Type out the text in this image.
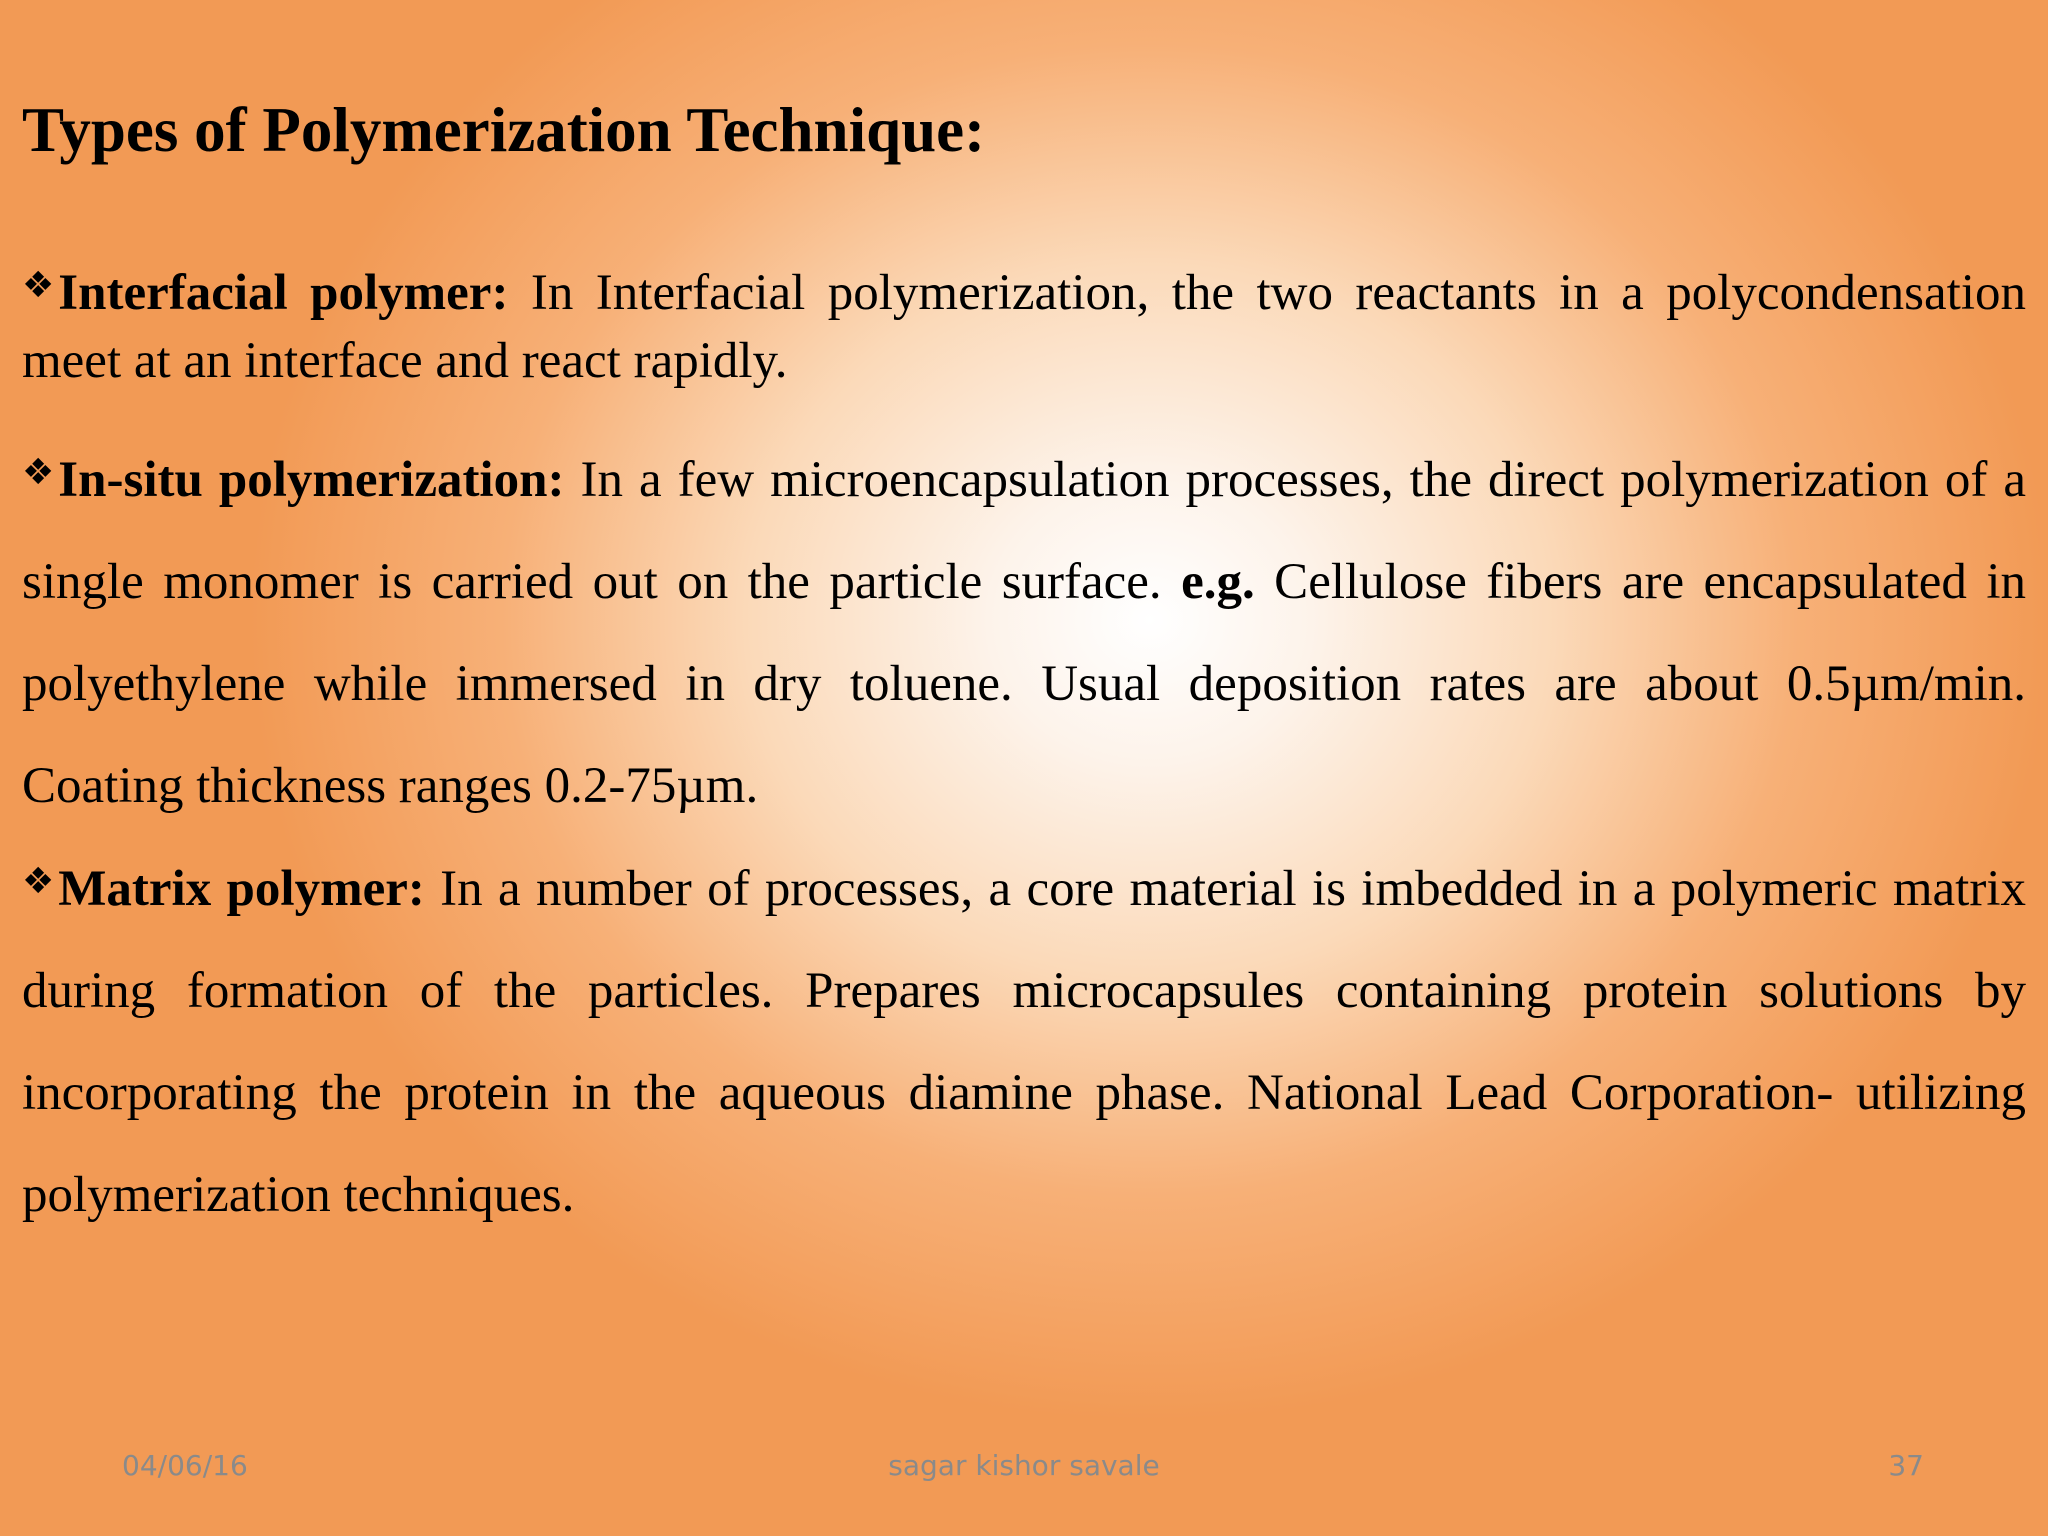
Types of Polymerization Technique:

❖Interfacial polymer: In Interfacial polymerization, the two reactants in a polycondensation meet at an interface and react rapidly.

❖In-situ polymerization: In a few microencapsulation processes, the direct polymerization of a single monomer is carried out on the particle surface. e.g. Cellulose fibers are encapsulated in polyethylene while immersed in dry toluene. Usual deposition rates are about 0.5µm/min. Coating thickness ranges 0.2-75µm.

❖Matrix polymer: In a number of processes, a core material is imbedded in a polymeric matrix during formation of the particles. Prepares microcapsules containing protein solutions by incorporating the protein in the aqueous diamine phase. National Lead Corporation- utilizing polymerization techniques.

04/06/16	sagar kishor savale	37
